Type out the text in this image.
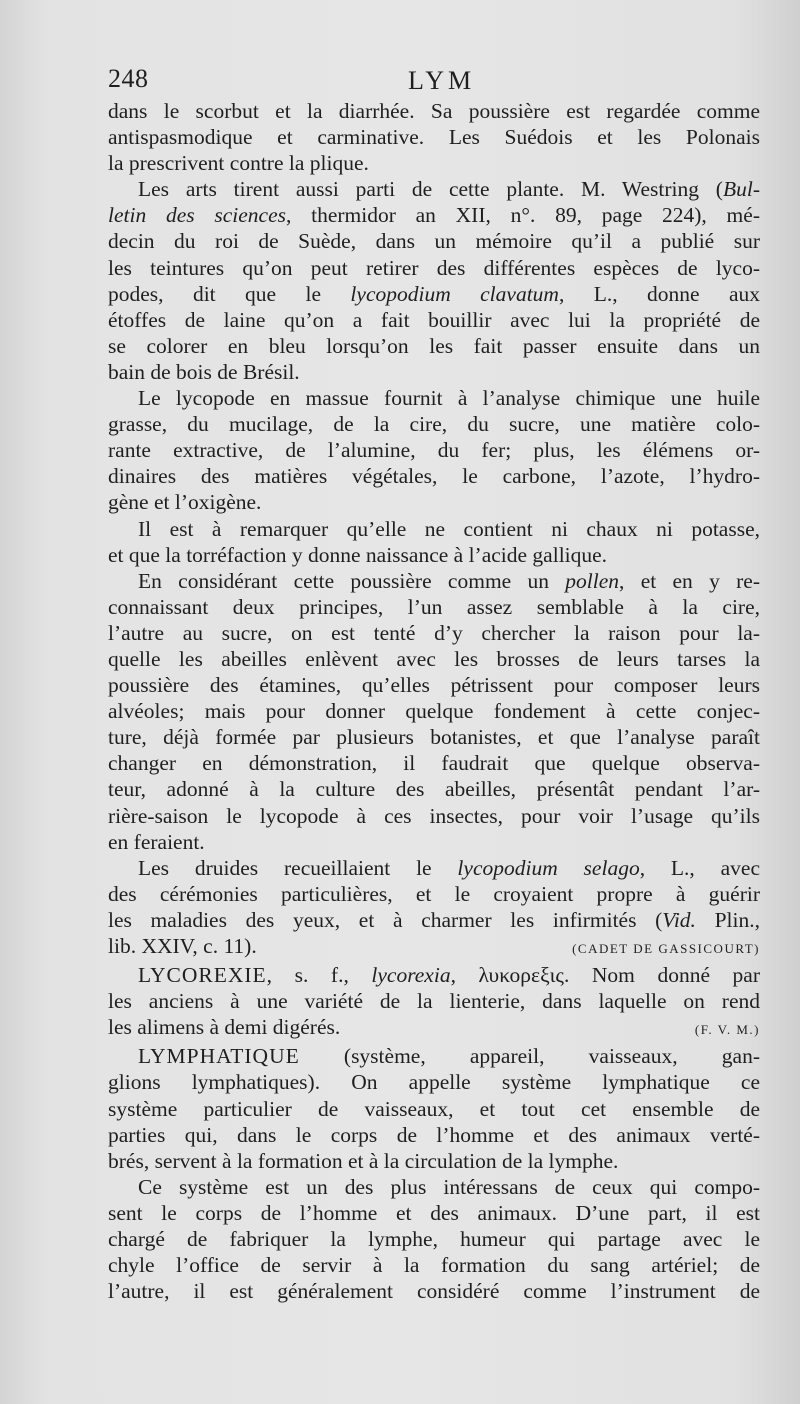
248	LYM

dans le scorbut et la diarrhée. Sa poussière est regardée comme

antispasmodique et carminative. Les Suédois et les Polonais

la prescrivent contre la plique.

Les arts tirent aussi parti de cette plante. M. Westring (Bul-

letin des sciences, thermidor an XII, n°. 89, page 224), mé-

decin du roi de Suède, dans un mémoire qu’il a publié sur

les teintures qu’on peut retirer des différentes espèces de lyco-

podes, dit que le lycopodium clavatum, L., donne aux

étoffes de laine qu’on a fait bouillir avec lui la propriété de

se colorer en bleu lorsqu’on les fait passer ensuite dans un

bain de bois de Brésil.

Le lycopode en massue fournit à l’analyse chimique une huile

grasse, du mucilage, de la cire, du sucre, une matière colo-

rante extractive, de l’alumine, du fer; plus, les élémens or-

dinaires des matières végétales, le carbone, l’azote, l’hydro-

gène et l’oxigène.

Il est à remarquer qu’elle ne contient ni chaux ni potasse,

et que la torréfaction y donne naissance à l’acide gallique.

En considérant cette poussière comme un pollen, et en y re-

connaissant deux principes, l’un assez semblable à la cire,

l’autre au sucre, on est tenté d’y chercher la raison pour la-

quelle les abeilles enlèvent avec les brosses de leurs tarses la

poussière des étamines, qu’elles pétrissent pour composer leurs

alvéoles; mais pour donner quelque fondement à cette conjec-

ture, déjà formée par plusieurs botanistes, et que l’analyse paraît

changer en démonstration, il faudrait que quelque observa-

teur, adonné à la culture des abeilles, présentât pendant l’ar-

rière-saison le lycopode à ces insectes, pour voir l’usage qu’ils

en feraient.

Les druides recueillaient le lycopodium selago, L., avec

des cérémonies particulières, et le croyaient propre à guérir

les maladies des yeux, et à charmer les infirmités (Vid. Plin.,

lib. XXIV, c. 11).	(CADET DE GASSICOURT)

LYCOREXIE, s. f., lycorexia, λυκορεξις. Nom donné par

les anciens à une variété de la lienterie, dans laquelle on rend

les alimens à demi digérés.	(F. V. M.)

LYMPHATIQUE (système, appareil, vaisseaux, gan-

glions lymphatiques). On appelle système lymphatique ce

système particulier de vaisseaux, et tout cet ensemble de

parties qui, dans le corps de l’homme et des animaux verté-

brés, servent à la formation et à la circulation de la lymphe.

Ce système est un des plus intéressans de ceux qui compo-

sent le corps de l’homme et des animaux. D’une part, il est

chargé de fabriquer la lymphe, humeur qui partage avec le

chyle l’office de servir à la formation du sang artériel; de

l’autre, il est généralement considéré comme l’instrument de
